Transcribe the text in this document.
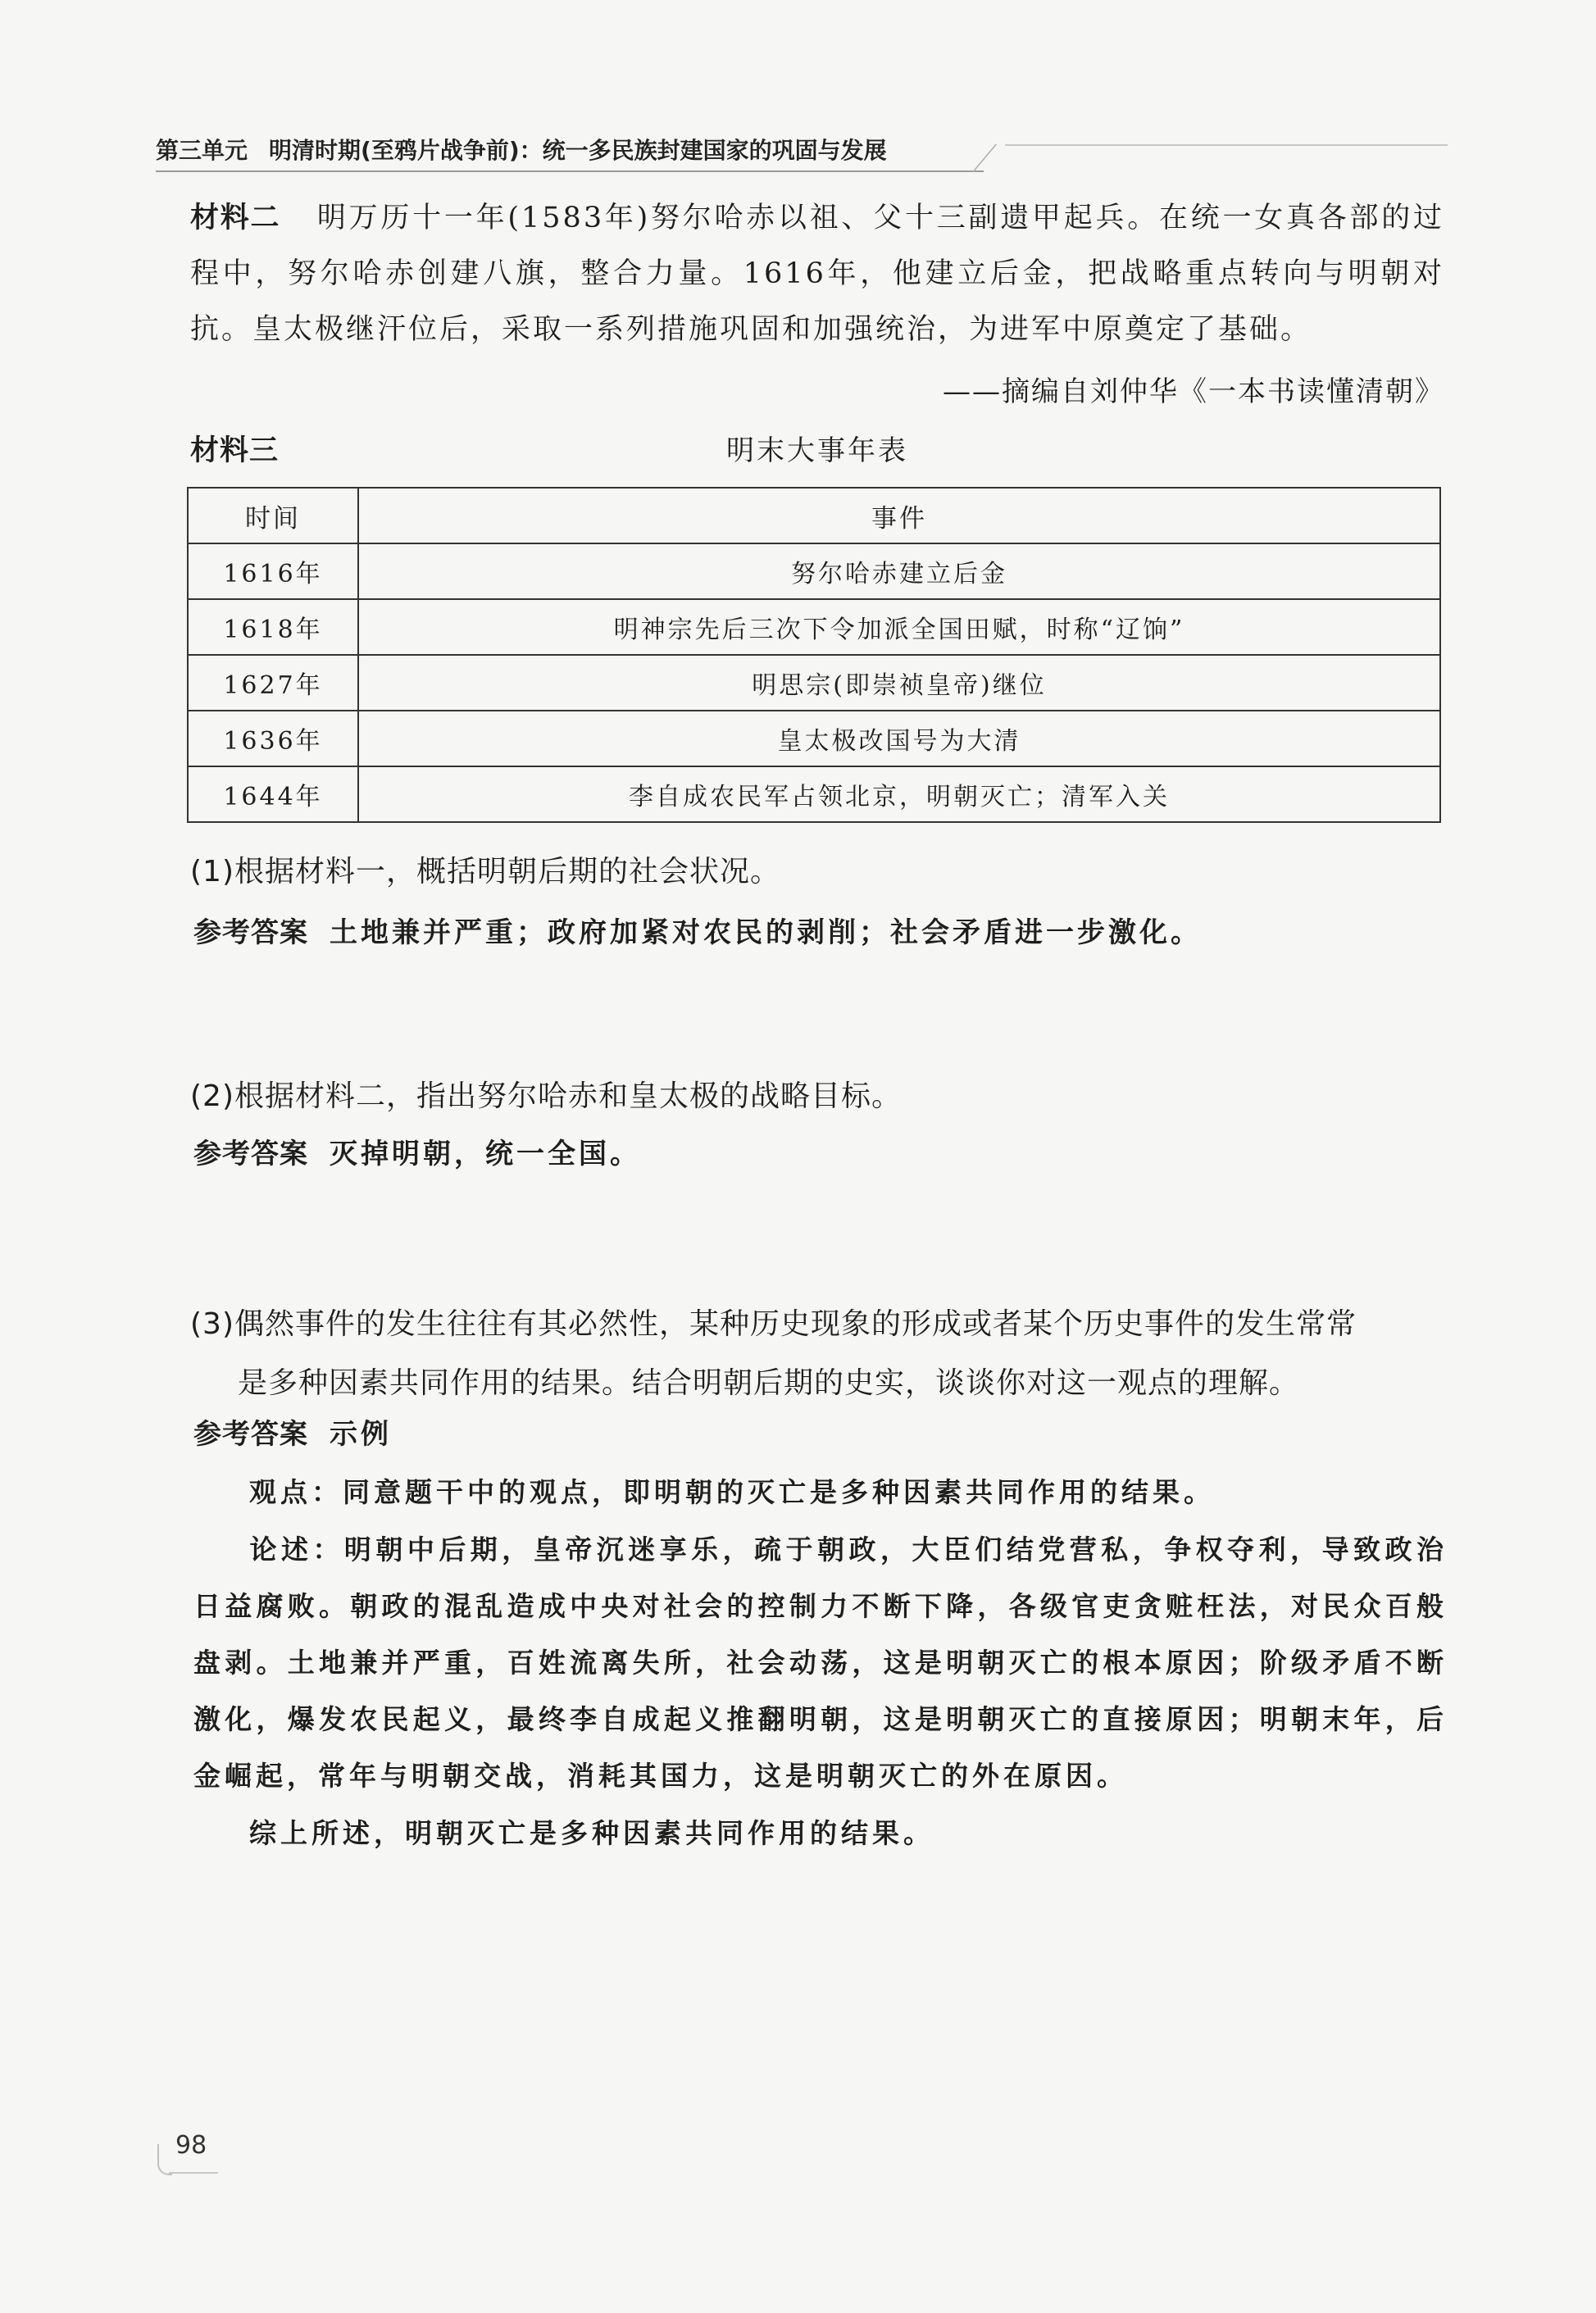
第三单元 明清时期(至鸦片战争前)：统一多民族封建国家的巩固与发展
材料二 明万历十一年(1583年)努尔哈赤以祖、父十三副遗甲起兵。在统一女真各部的过程中，努尔哈赤创建八旗，整合力量。1616年，他建立后金，把战略重点转向与明朝对抗。皇太极继汗位后，采取一系列措施巩固和加强统治，为进军中原奠定了基础。
——摘编自刘仲华《一本书读懂清朝》
明末大事年表
材料三
时间	事件
1616年	努尔哈赤建立后金
1618年	明神宗先后三次下令加派全国田赋，时称“辽饷”
1627年	明思宗(即崇祯皇帝)继位
1636年	皇太极改国号为大清
1644年	李自成农民军占领北京，明朝灭亡；清军入关
(1)根据材料一，概括明朝后期的社会状况。
参考答案 土地兼并严重；政府加紧对农民的剥削；社会矛盾进一步激化。
(2)根据材料二，指出努尔哈赤和皇太极的战略目标。
参考答案 灭掉明朝，统一全国。
(3)偶然事件的发生往往有其必然性，某种历史现象的形成或者某个历史事件的发生常常
是多种因素共同作用的结果。结合明朝后期的史实，谈谈你对这一观点的理解。
参考答案 示例
观点：同意题干中的观点，即明朝的灭亡是多种因素共同作用的结果。
论述：明朝中后期，皇帝沉迷享乐，疏于朝政，大臣们结党营私，争权夺利，导致政治日益腐败。朝政的混乱造成中央对社会的控制力不断下降，各级官吏贪赃枉法，对民众百般盘剥。土地兼并严重，百姓流离失所，社会动荡，这是明朝灭亡的根本原因；阶级矛盾不断激化，爆发农民起义，最终李自成起义推翻明朝，这是明朝灭亡的直接原因；明朝末年，后金崛起，常年与明朝交战，消耗其国力，这是明朝灭亡的外在原因。
综上所述，明朝灭亡是多种因素共同作用的结果。
98
